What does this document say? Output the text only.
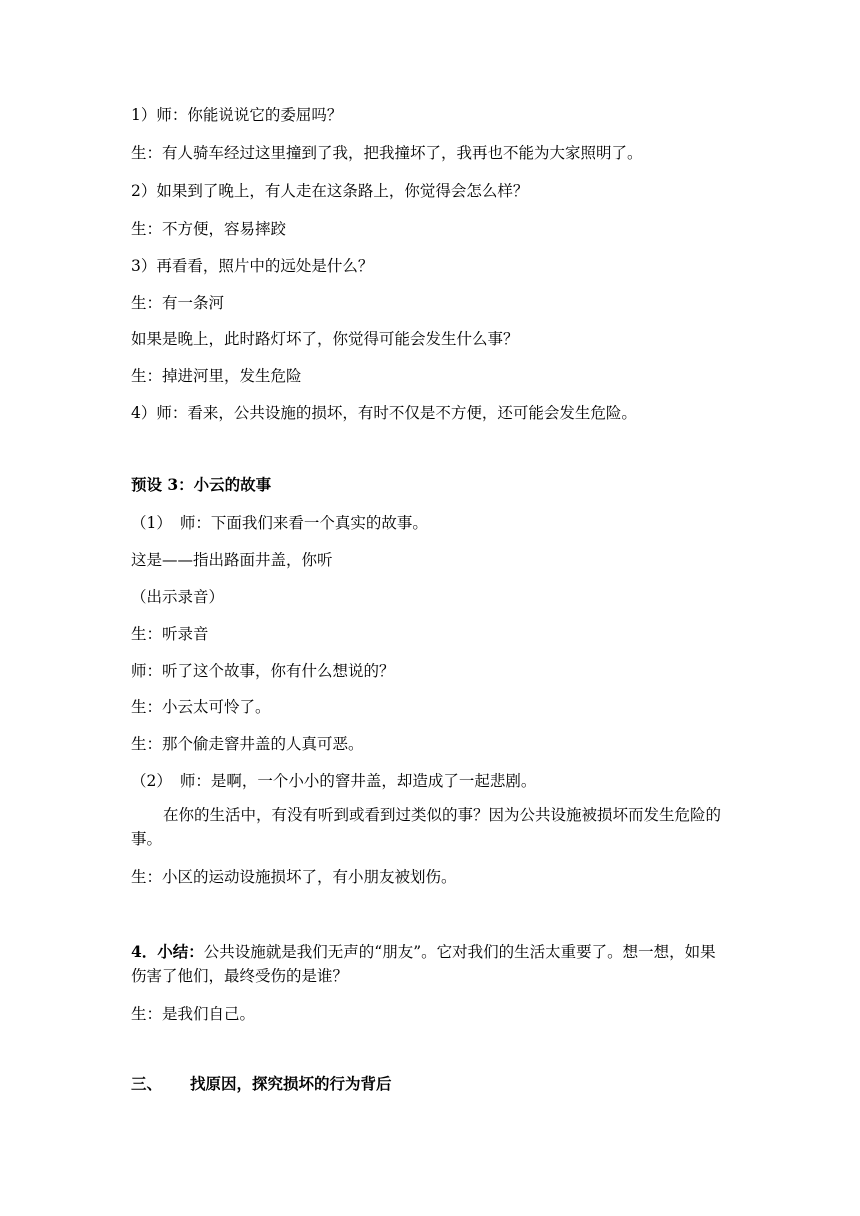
1）师：你能说说它的委屈吗？
生：有人骑车经过这里撞到了我，把我撞坏了，我再也不能为大家照明了。
2）如果到了晚上，有人走在这条路上，你觉得会怎么样？
生：不方便，容易摔跤
3）再看看，照片中的远处是什么？
生：有一条河
如果是晚上，此时路灯坏了，你觉得可能会发生什么事？
生：掉进河里，发生危险
4）师：看来，公共设施的损坏，有时不仅是不方便，还可能会发生危险。
预设 3：小云的故事
（1） 师：下面我们来看一个真实的故事。
这是——指出路面井盖，你听
（出示录音）
生：听录音
师：听了这个故事，你有什么想说的？
生：小云太可怜了。
生：那个偷走窨井盖的人真可恶。
（2） 师：是啊，一个小小的窨井盖，却造成了一起悲剧。
在你的生活中，有没有听到或看到过类似的事？因为公共设施被损坏而发生危险的事。
生：小区的运动设施损坏了，有小朋友被划伤。
4．小结：公共设施就是我们无声的“朋友”。它对我们的生活太重要了。想一想，如果伤害了他们，最终受伤的是谁？
生：是我们自己。
三、 找原因，探究损坏的行为背后
